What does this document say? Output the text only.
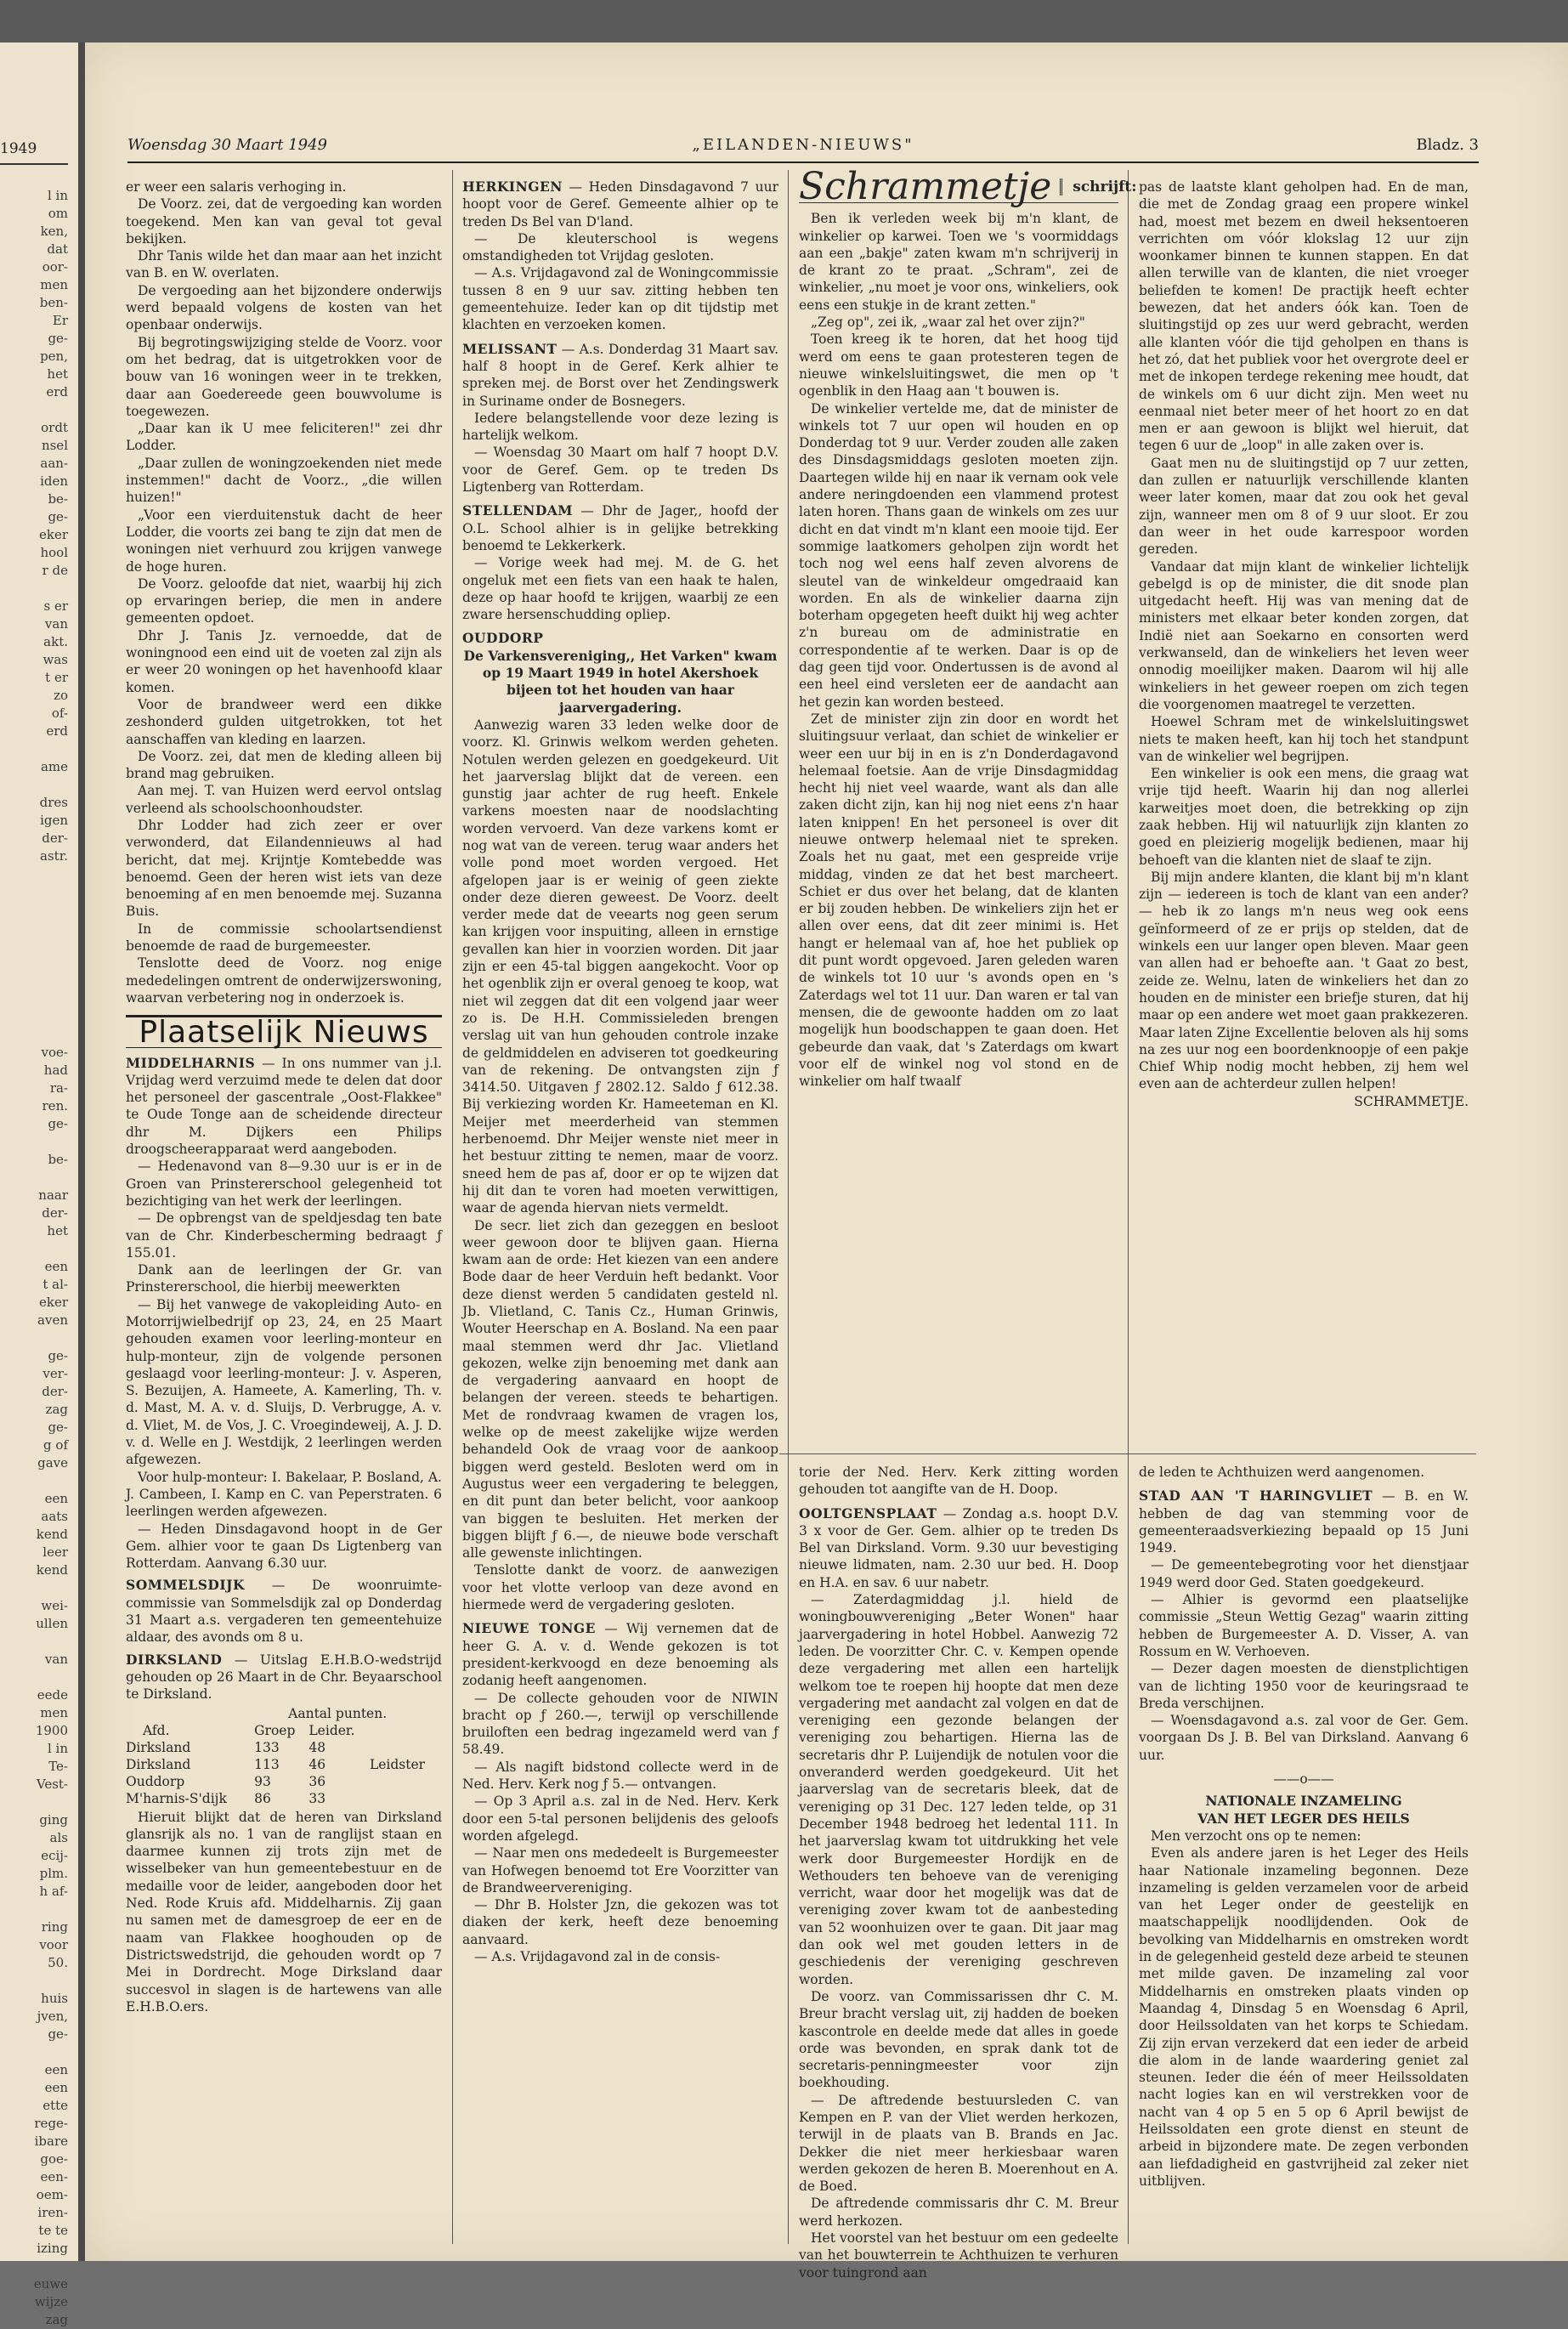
1949
l in
om
ken,
dat
oor-
men
ben-
Er
ge-
pen,
het
erd

ordt
nsel
aan-
iden
be-
ge-
eker
hool
r de

s er
van
akt.
was
t er
zo
of-
erd

ame

dres
igen
der-
astr.

voe-
had
ra-
ren.
ge-

be-

naar
der-
het

een
t al-
eker
aven

ge-
ver-
der-
zag
ge-
g of
gave

een
aats
kend
leer
kend

wei-
ullen

van

eede
men
1900
l in
Te-
Vest-

ging
als
ecij-
plm.
h af-

ring
voor
50.

huis
jven,
ge-

een
een
ette
rege-
ibare
goe-
een-
oem-
iren-
te te
izing

euwe
wijze
zag
„EILANDEN-NIEUWS"
Woensdag 30 Maart 1949	Bladz. 3

er weer een salaris verhoging in.

De Voorz. zei, dat de vergoeding kan worden toegekend. Men kan van geval tot geval bekijken.

Dhr Tanis wilde het dan maar aan het inzicht van B. en W. overlaten.

De vergoeding aan het bijzondere onderwijs werd bepaald volgens de kosten van het openbaar onderwijs.

Bij begrotingswijziging stelde de Voorz. voor om het bedrag, dat is uitgetrokken voor de bouw van 16 woningen weer in te trekken, daar aan Goedereede geen bouwvolume is toegewezen.

„Daar kan ik U mee feliciteren!" zei dhr Lodder.

„Daar zullen de woningzoekenden niet mede instemmen!" dacht de Voorz., „die willen huizen!"

„Voor een vierduitenstuk dacht de heer Lodder, die voorts zei bang te zijn dat men de woningen niet verhuurd zou krijgen vanwege de hoge huren.

De Voorz. geloofde dat niet, waarbij hij zich op ervaringen beriep, die men in andere gemeenten opdoet.

Dhr J. Tanis Jz. vernoedde, dat de woningnood een eind uit de voeten zal zijn als er weer 20 woningen op het havenhoofd klaar komen.

Voor de brandweer werd een dikke zeshonderd gulden uitgetrokken, tot het aanschaffen van kleding en laarzen.

De Voorz. zei, dat men de kleding alleen bij brand mag gebruiken.

Aan mej. T. van Huizen werd eervol ontslag verleend als schoolschoonhoudster.

Dhr Lodder had zich zeer er over verwonderd, dat Eilandennieuws al had bericht, dat mej. Krijntje Komtebedde was benoemd. Geen der heren wist iets van deze benoeming af en men benoemde mej. Suzanna Buis.

In de commissie schoolartsendienst benoemde de raad de burgemeester.

Tenslotte deed de Voorz. nog enige mededelingen omtrent de onderwijzerswoning, waarvan verbetering nog in onderzoek is.

Plaatselijk Nieuws

MIDDELHARNIS — In ons nummer van j.l. Vrijdag werd verzuimd mede te delen dat door het personeel der gascentrale „Oost-Flakkee" te Oude Tonge aan de scheidende directeur dhr M. Dijkers een Philips droogscheerapparaat werd aangeboden.

— Hedenavond van 8—9.30 uur is er in de Groen van Prinstererschool gelegenheid tot bezichtiging van het werk der leerlingen.

— De opbrengst van de speldjesdag ten bate van de Chr. Kinderbescherming bedraagt ƒ 155.01.

Dank aan de leerlingen der Gr. van Prinstererschool, die hierbij meewerkten

— Bij het vanwege de vakopleiding Auto- en Motorrijwielbedrijf op 23, 24, en 25 Maart gehouden examen voor leerling-monteur en hulp-monteur, zijn de volgende personen geslaagd voor leerling-monteur: J. v. Asperen, S. Bezuijen, A. Hameete, A. Kamerling, Th. v. d. Mast, M. A. v. d. Sluijs, D. Verbrugge, A. v. d. Vliet, M. de Vos, J. C. Vroegindeweij, A. J. D. v. d. Welle en J. Westdijk, 2 leerlingen werden afgewezen.

Voor hulp-monteur: I. Bakelaar, P. Bosland, A. J. Cambeen, I. Kamp en C. van Peperstraten. 6 leerlingen werden afgewezen.

— Heden Dinsdagavond hoopt in de Ger Gem. alhier voor te gaan Ds Ligtenberg van Rotterdam. Aanvang 6.30 uur.

SOMMELSDIJK — De woonruimte-commissie van Sommelsdijk zal op Donderdag 31 Maart a.s. vergaderen ten gemeentehuize aldaar, des avonds om 8 u.

DIRKSLAND — Uitslag E.H.B.O-wedstrijd gehouden op 26 Maart in de Chr. Beyaarschool te Dirksland.

	Aantal punten.		
Afd.	Groep	Leider.	
Dirksland	133	48	
Dirksland	113	46	Leidster
Ouddorp	93	36	
M'harnis-S'dijk	86	33	

Hieruit blijkt dat de heren van Dirksland glansrijk als no. 1 van de ranglijst staan en daarmee kunnen zij trots zijn met de wisselbeker van hun gemeentebestuur en de medaille voor de leider, aangeboden door het Ned. Rode Kruis afd. Middelharnis. Zij gaan nu samen met de damesgroep de eer en de naam van Flakkee hooghouden op de Districtswedstrijd, die gehouden wordt op 7 Mei in Dordrecht. Moge Dirksland daar succesvol in slagen is de hartewens van alle E.H.B.O.ers.

HERKINGEN — Heden Dinsdagavond 7 uur hoopt voor de Geref. Gemeente alhier op te treden Ds Bel van D'land.

— De kleuterschool is wegens omstandigheden tot Vrijdag gesloten.

— A.s. Vrijdagavond zal de Woningcommissie tussen 8 en 9 uur sav. zitting hebben ten gemeentehuize. Ieder kan op dit tijdstip met klachten en verzoeken komen.

MELISSANT — A.s. Donderdag 31 Maart sav. half 8 hoopt in de Geref. Kerk alhier te spreken mej. de Borst over het Zendingswerk in Suriname onder de Bosnegers.

Iedere belangstellende voor deze lezing is hartelijk welkom.

— Woensdag 30 Maart om half 7 hoopt D.V. voor de Geref. Gem. op te treden Ds Ligtenberg van Rotterdam.

STELLENDAM — Dhr de Jager,, hoofd der O.L. School alhier is in gelijke betrekking benoemd te Lekkerkerk.

— Vorige week had mej. M. de G. het ongeluk met een fiets van een haak te halen, deze op haar hoofd te krijgen, waarbij ze een zware hersenschudding opliep.

OUDDORP

De Varkensvereniging,, Het Varken" kwam op 19 Maart 1949 in hotel Akershoek bijeen tot het houden van haar jaarvergadering.

Aanwezig waren 33 leden welke door de voorz. Kl. Grinwis welkom werden geheten. Notulen werden gelezen en goedgekeurd. Uit het jaarverslag blijkt dat de vereen. een gunstig jaar achter de rug heeft. Enkele varkens moesten naar de noodslachting worden vervoerd. Van deze varkens komt er nog wat van de vereen. terug waar anders het volle pond moet worden vergoed. Het afgelopen jaar is er weinig of geen ziekte onder deze dieren geweest. De Voorz. deelt verder mede dat de veearts nog geen serum kan krijgen voor inspuiting, alleen in ernstige gevallen kan hier in voorzien worden. Dit jaar zijn er een 45-tal biggen aangekocht. Voor op het ogenblik zijn er overal genoeg te koop, wat niet wil zeggen dat dit een volgend jaar weer zo is. De H.H. Commissieleden brengen verslag uit van hun gehouden controle inzake de geldmiddelen en adviseren tot goedkeuring van de rekening. De ontvangsten zijn ƒ 3414.50. Uitgaven ƒ 2802.12. Saldo ƒ 612.38. Bij verkiezing worden Kr. Hameeteman en Kl. Meijer met meerderheid van stemmen herbenoemd. Dhr Meijer wenste niet meer in het bestuur zitting te nemen, maar de voorz. sneed hem de pas af, door er op te wijzen dat hij dit dan te voren had moeten verwittigen, waar de agenda hiervan niets vermeldt.

De secr. liet zich dan gezeggen en besloot weer gewoon door te blijven gaan. Hierna kwam aan de orde: Het kiezen van een andere Bode daar de heer Verduin heft bedankt. Voor deze dienst werden 5 candidaten gesteld nl. Jb. Vlietland, C. Tanis Cz., Human Grinwis, Wouter Heerschap en A. Bosland. Na een paar maal stemmen werd dhr Jac. Vlietland gekozen, welke zijn benoeming met dank aan de vergadering aanvaard en hoopt de belangen der vereen. steeds te behartigen. Met de rondvraag kwamen de vragen los, welke op de meest zakelijke wijze werden behandeld Ook de vraag voor de aankoop biggen werd gesteld. Besloten werd om in Augustus weer een vergadering te beleggen, en dit punt dan beter belicht, voor aankoop van biggen te besluiten. Het merken der biggen blijft ƒ 6.—, de nieuwe bode verschaft alle gewenste inlichtingen.

Tenslotte dankt de voorz. de aanwezigen voor het vlotte verloop van deze avond en hiermede werd de vergadering gesloten.

NIEUWE TONGE — Wij vernemen dat de heer G. A. v. d. Wende gekozen is tot president-kerkvoogd en deze benoeming als zodanig heeft aangenomen.

— De collecte gehouden voor de NIWIN bracht op ƒ 260.—, terwijl op verschillende bruiloften een bedrag ingezameld werd van ƒ 58.49.

— Als nagift bidstond collecte werd in de Ned. Herv. Kerk nog ƒ 5.— ontvangen.

— Op 3 April a.s. zal in de Ned. Herv. Kerk door een 5-tal personen belijdenis des geloofs worden afgelegd.

— Naar men ons mededeelt is Burgemeester van Hofwegen benoemd tot Ere Voorzitter van de Brandweervereniging.

— Dhr B. Holster Jzn, die gekozen was tot diaken der kerk, heeft deze benoeming aanvaard.

— A.s. Vrijdagavond zal in de consis-

Schrammetje	schrijft:

Ben ik verleden week bij m'n klant, de winkelier op karwei. Toen we 's voormiddags aan een „bakje" zaten kwam m'n schrijverij in de krant zo te praat. „Schram", zei de winkelier, „nu moet je voor ons, winkeliers, ook eens een stukje in de krant zetten."

„Zeg op", zei ik, „waar zal het over zijn?"

Toen kreeg ik te horen, dat het hoog tijd werd om eens te gaan protesteren tegen de nieuwe winkelsluitingswet, die men op 't ogenblik in den Haag aan 't bouwen is.

De winkelier vertelde me, dat de minister de winkels tot 7 uur open wil houden en op Donderdag tot 9 uur. Verder zouden alle zaken des Dinsdagsmiddags gesloten moeten zijn. Daartegen wilde hij en naar ik vernam ook vele andere neringdoenden een vlammend protest laten horen. Thans gaan de winkels om zes uur dicht en dat vindt m'n klant een mooie tijd. Eer sommige laatkomers geholpen zijn wordt het toch nog wel eens half zeven alvorens de sleutel van de winkeldeur omgedraaid kan worden. En als de winkelier daarna zijn boterham opgegeten heeft duikt hij weg achter z'n bureau om de administratie en correspondentie af te werken. Daar is op de dag geen tijd voor. Ondertussen is de avond al een heel eind versleten eer de aandacht aan het gezin kan worden besteed.

Zet de minister zijn zin door en wordt het sluitingsuur verlaat, dan schiet de winkelier er weer een uur bij in en is z'n Donderdagavond helemaal foetsie. Aan de vrije Dinsdagmiddag hecht hij niet veel waarde, want als dan alle zaken dicht zijn, kan hij nog niet eens z'n haar laten knippen! En het personeel is over dit nieuwe ontwerp helemaal niet te spreken. Zoals het nu gaat, met een gespreide vrije middag, vinden ze dat het best marcheert. Schiet er dus over het belang, dat de klanten er bij zouden hebben. De winkeliers zijn het er allen over eens, dat dit zeer minimi is. Het hangt er helemaal van af, hoe het publiek op dit punt wordt opgevoed. Jaren geleden waren de winkels tot 10 uur 's avonds open en 's Zaterdags wel tot 11 uur. Dan waren er tal van mensen, die de gewoonte hadden om zo laat mogelijk hun boodschappen te gaan doen. Het gebeurde dan vaak, dat 's Zaterdags om kwart voor elf de winkel nog vol stond en de winkelier om half twaalf

torie der Ned. Herv. Kerk zitting worden gehouden tot aangifte van de H. Doop.

OOLTGENSPLAAT — Zondag a.s. hoopt D.V. 3 x voor de Ger. Gem. alhier op te treden Ds Bel van Dirksland. Vorm. 9.30 uur bevestiging nieuwe lidmaten, nam. 2.30 uur bed. H. Doop en H.A. en sav. 6 uur nabetr.

— Zaterdagmiddag j.l. hield de woningbouwvereniging „Beter Wonen" haar jaarvergadering in hotel Hobbel. Aanwezig 72 leden. De voorzitter Chr. C. v. Kempen opende deze vergadering met allen een hartelijk welkom toe te roepen hij hoopte dat men deze vergadering met aandacht zal volgen en dat de vereniging een gezonde belangen der vereniging zou behartigen. Hierna las de secretaris dhr P. Luijendijk de notulen voor die onveranderd werden goedgekeurd. Uit het jaarverslag van de secretaris bleek, dat de vereniging op 31 Dec. 127 leden telde, op 31 December 1948 bedroeg het ledental 111. In het jaarverslag kwam tot uitdrukking het vele werk door Burgemeester Hordijk en de Wethouders ten behoeve van de vereniging verricht, waar door het mogelijk was dat de vereniging zover kwam tot de aanbesteding van 52 woonhuizen over te gaan. Dit jaar mag dan ook wel met gouden letters in de geschiedenis der vereniging geschreven worden.

De voorz. van Commissarissen dhr C. M. Breur bracht verslag uit, zij hadden de boeken kascontrole en deelde mede dat alles in goede orde was bevonden, en sprak dank tot de secretaris-penningmeester voor zijn boekhouding.

— De aftredende bestuursleden C. van Kempen en P. van der Vliet werden herkozen, terwijl in de plaats van B. Brands en Jac. Dekker die niet meer herkiesbaar waren werden gekozen de heren B. Moerenhout en A. de Boed.

De aftredende commissaris dhr C. M. Breur werd herkozen.

Het voorstel van het bestuur om een gedeelte van het bouwterrein te Achthuizen te verhuren voor tuingrond aan

pas de laatste klant geholpen had. En de man, die met de Zondag graag een propere winkel had, moest met bezem en dweil heksentoeren verrichten om vóór klokslag 12 uur zijn woonkamer binnen te kunnen stappen. En dat allen terwille van de klanten, die niet vroeger beliefden te komen! De practijk heeft echter bewezen, dat het anders óók kan. Toen de sluitingstijd op zes uur werd gebracht, werden alle klanten vóór die tijd geholpen en thans is het zó, dat het publiek voor het overgrote deel er met de inkopen terdege rekening mee houdt, dat de winkels om 6 uur dicht zijn. Men weet nu eenmaal niet beter meer of het hoort zo en dat men er aan gewoon is blijkt wel hieruit, dat tegen 6 uur de „loop" in alle zaken over is.

Gaat men nu de sluitingstijd op 7 uur zetten, dan zullen er natuurlijk verschillende klanten weer later komen, maar dat zou ook het geval zijn, wanneer men om 8 of 9 uur sloot. Er zou dan weer in het oude karrespoor worden gereden.

Vandaar dat mijn klant de winkelier lichtelijk gebelgd is op de minister, die dit snode plan uitgedacht heeft. Hij was van mening dat de ministers met elkaar beter konden zorgen, dat Indië niet aan Soekarno en consorten werd verkwanseld, dan de winkeliers het leven weer onnodig moeilijker maken. Daarom wil hij alle winkeliers in het geweer roepen om zich tegen die voorgenomen maatregel te verzetten.

Hoewel Schram met de winkelsluitingswet niets te maken heeft, kan hij toch het standpunt van de winkelier wel begrijpen.

Een winkelier is ook een mens, die graag wat vrije tijd heeft. Waarin hij dan nog allerlei karweitjes moet doen, die betrekking op zijn zaak hebben. Hij wil natuurlijk zijn klanten zo goed en pleizierig mogelijk bedienen, maar hij behoeft van die klanten niet de slaaf te zijn.

Bij mijn andere klanten, die klant bij m'n klant zijn — iedereen is toch de klant van een ander? — heb ik zo langs m'n neus weg ook eens geïnformeerd of ze er prijs op stelden, dat de winkels een uur langer open bleven. Maar geen van allen had er behoefte aan. 't Gaat zo best, zeide ze. Welnu, laten de winkeliers het dan zo houden en de minister een briefje sturen, dat hij maar op een andere wet moet gaan prakkezeren. Maar laten Zijne Excellentie beloven als hij soms na zes uur nog een boordenknoopje of een pakje Chief Whip nodig mocht hebben, zij hem wel even aan de achterdeur zullen helpen!

SCHRAMMETJE.

de leden te Achthuizen werd aangenomen.

STAD AAN 'T HARINGVLIET — B. en W. hebben de dag van stemming voor de gemeenteraadsverkiezing bepaald op 15 Juni 1949.

— De gemeentebegroting voor het dienstjaar 1949 werd door Ged. Staten goedgekeurd.

— Alhier is gevormd een plaatselijke commissie „Steun Wettig Gezag" waarin zitting hebben de Burgemeester A. D. Visser, A. van Rossum en W. Verhoeven.

— Dezer dagen moesten de dienstplichtigen van de lichting 1950 voor de keuringsraad te Breda verschijnen.

— Woensdagavond a.s. zal voor de Ger. Gem. voorgaan Ds J. B. Bel van Dirksland. Aanvang 6 uur.

——o——

NATIONALE INZAMELING

VAN HET LEGER DES HEILS

Men verzocht ons op te nemen:

Even als andere jaren is het Leger des Heils haar Nationale inzameling begonnen. Deze inzameling is gelden verzamelen voor de arbeid van het Leger onder de geestelijk en maatschappelijk noodlijdenden. Ook de bevolking van Middelharnis en omstreken wordt in de gelegenheid gesteld deze arbeid te steunen met milde gaven. De inzameling zal voor Middelharnis en omstreken plaats vinden op Maandag 4, Dinsdag 5 en Woensdag 6 April, door Heilssoldaten van het korps te Schiedam. Zij zijn ervan verzekerd dat een ieder de arbeid die alom in de lande waardering geniet zal steunen. Ieder die één of meer Heilssoldaten nacht logies kan en wil verstrekken voor de nacht van 4 op 5 en 5 op 6 April bewijst de Heilssoldaten een grote dienst en steunt de arbeid in bijzondere mate. De zegen verbonden aan liefdadigheid en gastvrijheid zal zeker niet uitblijven.
